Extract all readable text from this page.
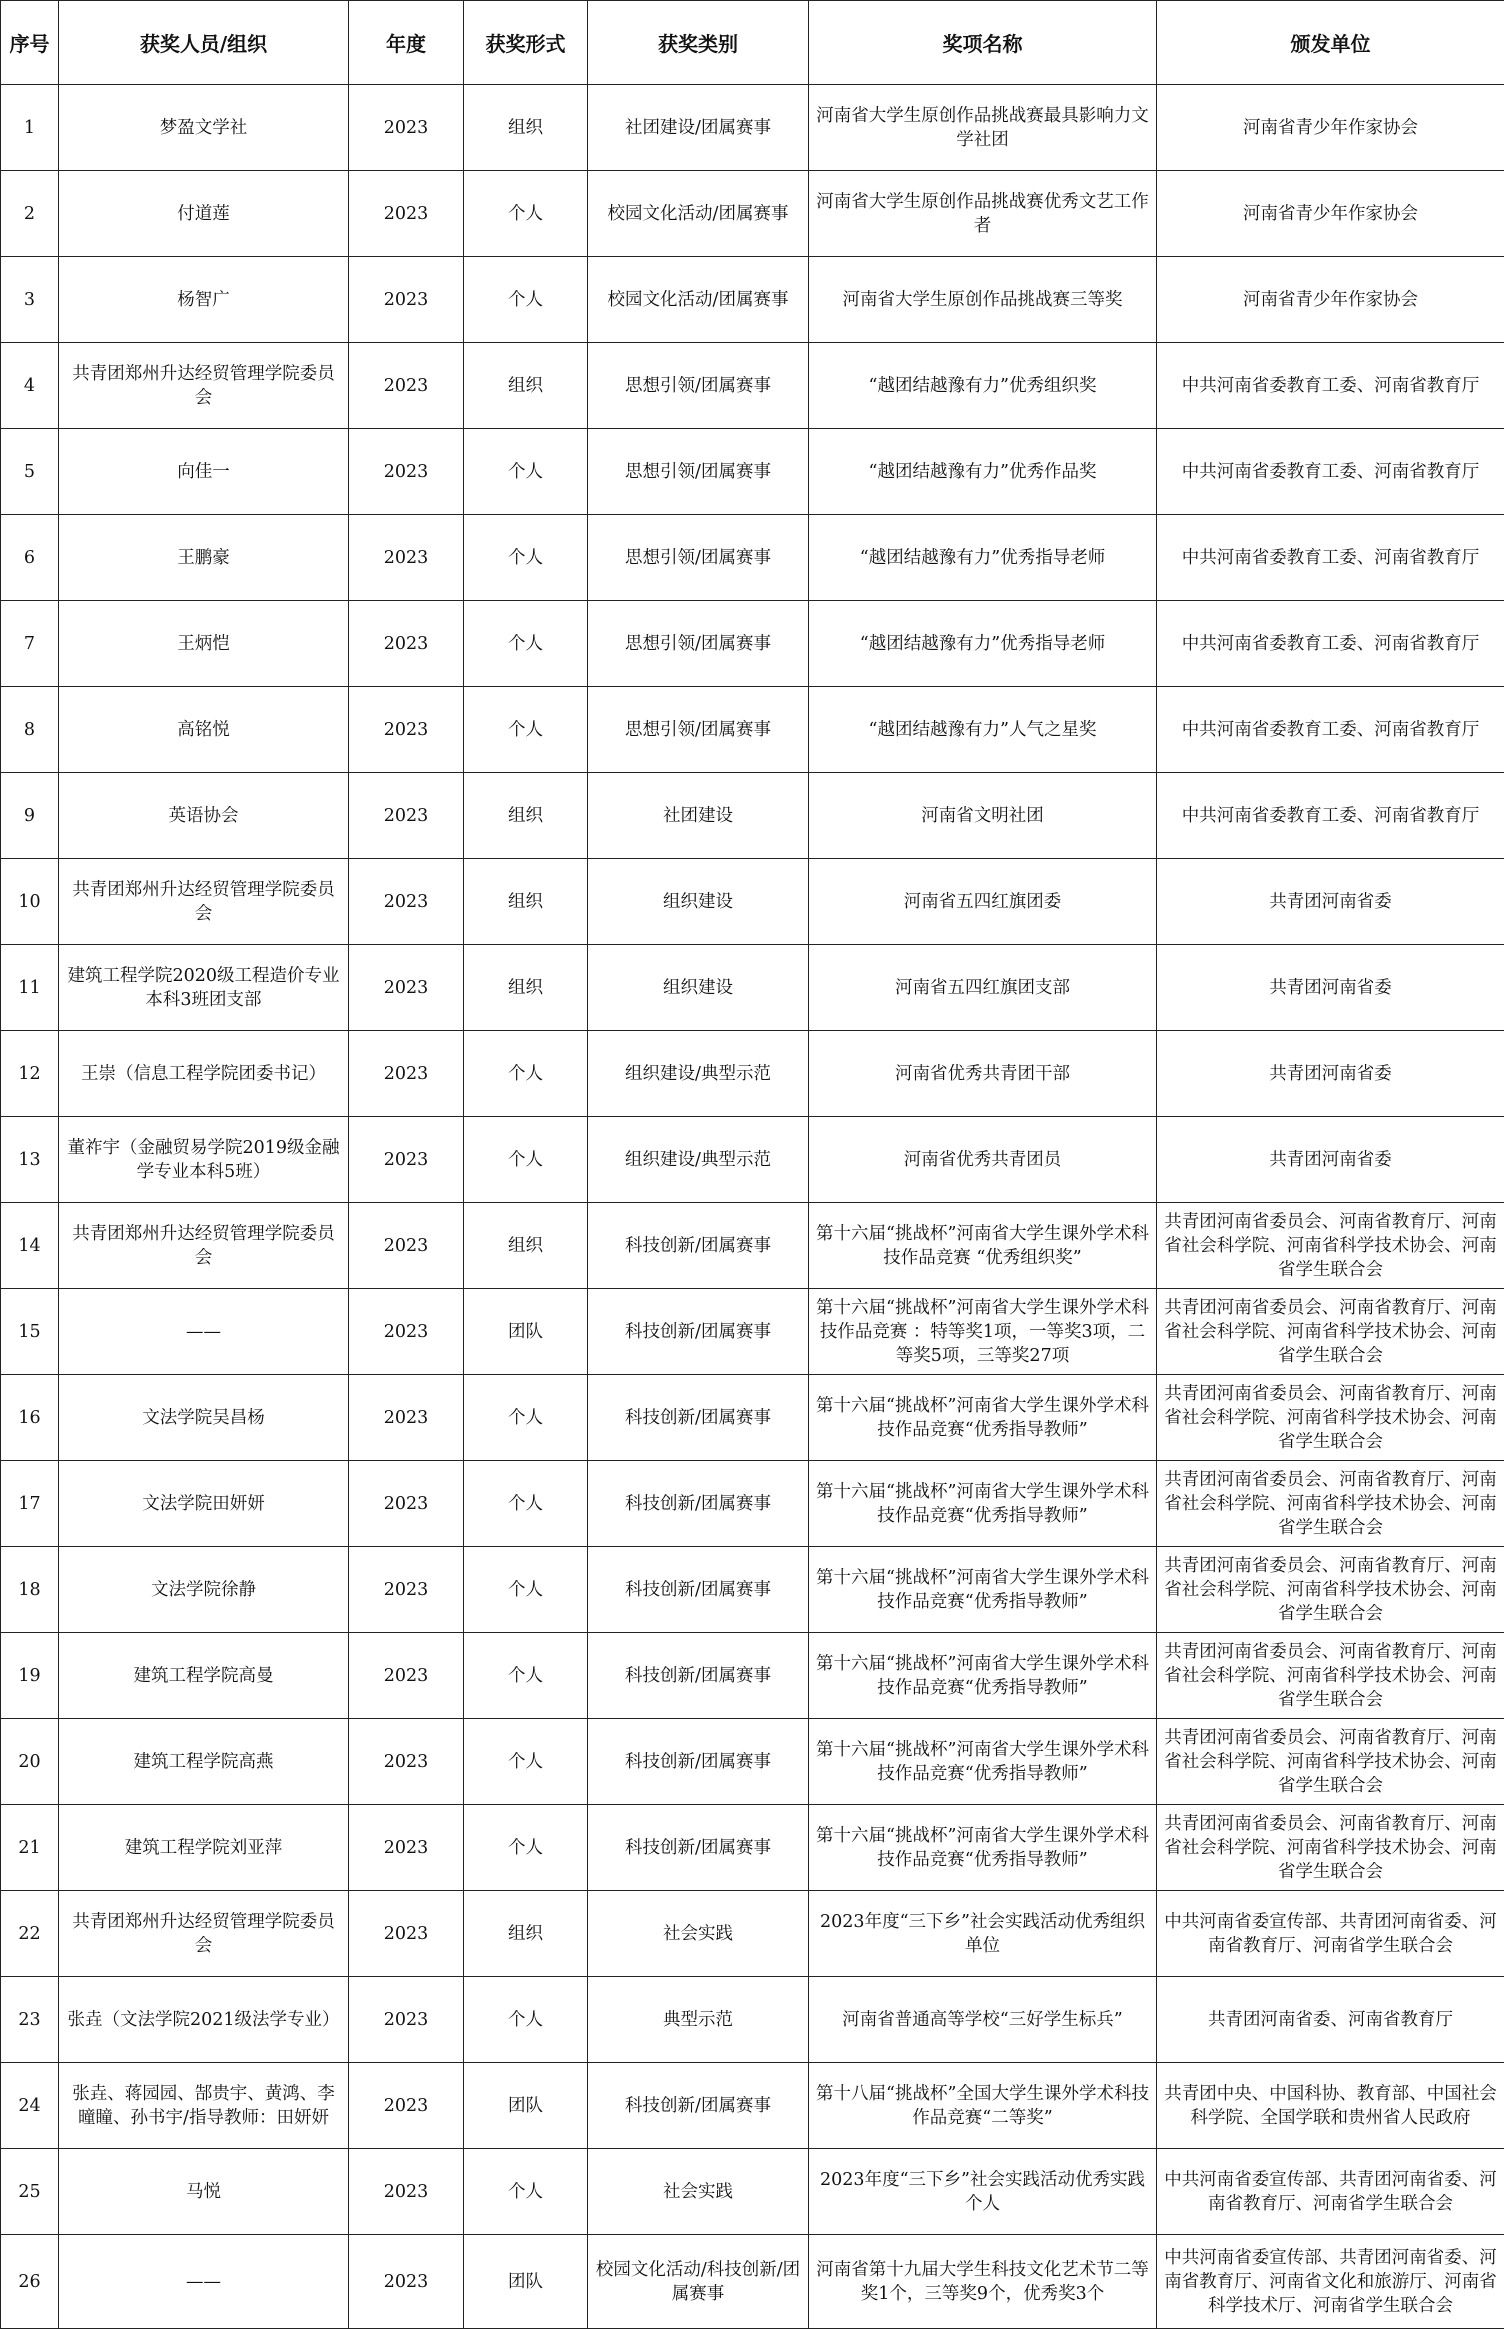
序号	获奖人员/组织	年度	获奖形式	获奖类别	奖项名称	颁发单位
1	梦盈文学社	2023	组织	社团建设/团属赛事	河南省大学生原创作品挑战赛最具影响力文学社团	河南省青少年作家协会
2	付道莲	2023	个人	校园文化活动/团属赛事	河南省大学生原创作品挑战赛优秀文艺工作者	河南省青少年作家协会
3	杨智广	2023	个人	校园文化活动/团属赛事	河南省大学生原创作品挑战赛三等奖	河南省青少年作家协会
4	共青团郑州升达经贸管理学院委员会	2023	组织	思想引领/团属赛事	“越团结越豫有力”优秀组织奖	中共河南省委教育工委、河南省教育厅
5	向佳一	2023	个人	思想引领/团属赛事	“越团结越豫有力”优秀作品奖	中共河南省委教育工委、河南省教育厅
6	王鹏豪	2023	个人	思想引领/团属赛事	“越团结越豫有力”优秀指导老师	中共河南省委教育工委、河南省教育厅
7	王炳恺	2023	个人	思想引领/团属赛事	“越团结越豫有力”优秀指导老师	中共河南省委教育工委、河南省教育厅
8	高铭悦	2023	个人	思想引领/团属赛事	“越团结越豫有力”人气之星奖	中共河南省委教育工委、河南省教育厅
9	英语协会	2023	组织	社团建设	河南省文明社团	中共河南省委教育工委、河南省教育厅
10	共青团郑州升达经贸管理学院委员会	2023	组织	组织建设	河南省五四红旗团委	共青团河南省委
11	建筑工程学院2020级工程造价专业本科3班团支部	2023	组织	组织建设	河南省五四红旗团支部	共青团河南省委
12	王崇（信息工程学院团委书记）	2023	个人	组织建设/典型示范	河南省优秀共青团干部	共青团河南省委
13	董祚宇（金融贸易学院2019级金融学专业本科5班）	2023	个人	组织建设/典型示范	河南省优秀共青团员	共青团河南省委
14	共青团郑州升达经贸管理学院委员会	2023	组织	科技创新/团属赛事	第十六届“挑战杯”河南省大学生课外学术科技作品竞赛 “优秀组织奖”	共青团河南省委员会、河南省教育厅、河南省社会科学院、河南省科学技术协会、河南省学生联合会
15	——	2023	团队	科技创新/团属赛事	第十六届“挑战杯”河南省大学生课外学术科技作品竞赛 ：特等奖1项，一等奖3项，二等奖5项，三等奖27项	共青团河南省委员会、河南省教育厅、河南省社会科学院、河南省科学技术协会、河南省学生联合会
16	文法学院吴昌杨	2023	个人	科技创新/团属赛事	第十六届“挑战杯”河南省大学生课外学术科技作品竞赛“优秀指导教师”	共青团河南省委员会、河南省教育厅、河南省社会科学院、河南省科学技术协会、河南省学生联合会
17	文法学院田妍妍	2023	个人	科技创新/团属赛事	第十六届“挑战杯”河南省大学生课外学术科技作品竞赛“优秀指导教师”	共青团河南省委员会、河南省教育厅、河南省社会科学院、河南省科学技术协会、河南省学生联合会
18	文法学院徐静	2023	个人	科技创新/团属赛事	第十六届“挑战杯”河南省大学生课外学术科技作品竞赛“优秀指导教师”	共青团河南省委员会、河南省教育厅、河南省社会科学院、河南省科学技术协会、河南省学生联合会
19	建筑工程学院高曼	2023	个人	科技创新/团属赛事	第十六届“挑战杯”河南省大学生课外学术科技作品竞赛“优秀指导教师”	共青团河南省委员会、河南省教育厅、河南省社会科学院、河南省科学技术协会、河南省学生联合会
20	建筑工程学院高燕	2023	个人	科技创新/团属赛事	第十六届“挑战杯”河南省大学生课外学术科技作品竞赛“优秀指导教师”	共青团河南省委员会、河南省教育厅、河南省社会科学院、河南省科学技术协会、河南省学生联合会
21	建筑工程学院刘亚萍	2023	个人	科技创新/团属赛事	第十六届“挑战杯”河南省大学生课外学术科技作品竞赛“优秀指导教师”	共青团河南省委员会、河南省教育厅、河南省社会科学院、河南省科学技术协会、河南省学生联合会
22	共青团郑州升达经贸管理学院委员会	2023	组织	社会实践	2023年度“三下乡”社会实践活动优秀组织单位	中共河南省委宣传部、共青团河南省委、河南省教育厅、河南省学生联合会
23	张垚（文法学院2021级法学专业）	2023	个人	典型示范	河南省普通高等学校“三好学生标兵”	共青团河南省委、河南省教育厅
24	张垚、蒋园园、郜贵宇、黄鸿、李曈瞳、孙书宇/指导教师：田妍妍	2023	团队	科技创新/团属赛事	第十八届“挑战杯”全国大学生课外学术科技作品竞赛“二等奖”	共青团中央、中国科协、教育部、中国社会科学院、全国学联和贵州省人民政府
25	马悦	2023	个人	社会实践	2023年度“三下乡”社会实践活动优秀实践个人	中共河南省委宣传部、共青团河南省委、河南省教育厅、河南省学生联合会
26	——	2023	团队	校园文化活动/科技创新/团属赛事	河南省第十九届大学生科技文化艺术节二等奖1个，三等奖9个，优秀奖3个	中共河南省委宣传部、共青团河南省委、河南省教育厅、河南省文化和旅游厅、河南省科学技术厅、河南省学生联合会
